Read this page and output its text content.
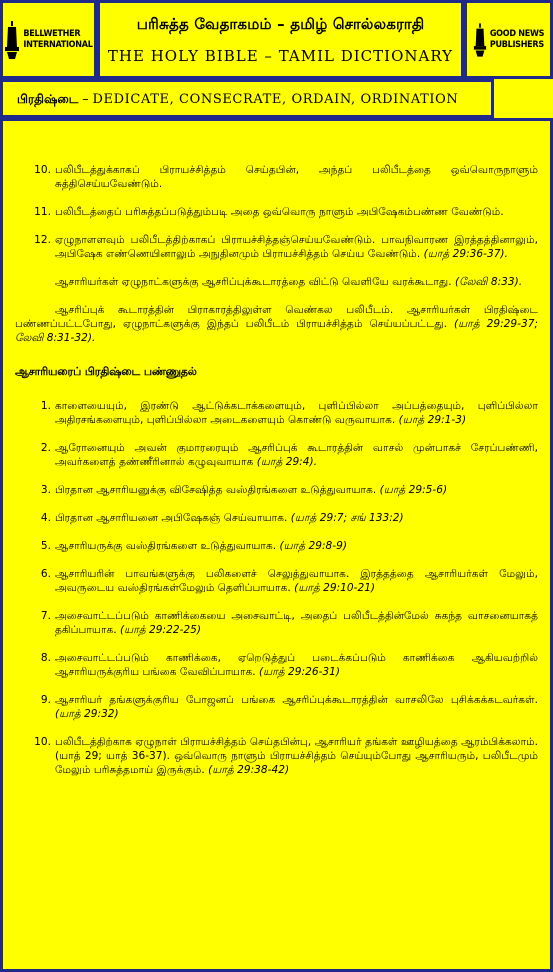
BELLWETHER
INTERNATIONAL
பரிசுத்த வேதாகமம் – தமிழ் சொல்லகராதி
THE HOLY BIBLE – TAMIL DICTIONARY
GOOD NEWS
PUBLISHERS
பிரதிஷ்டை – DEDICATE, CONSECRATE, ORDAIN, ORDINATION
10. பலிபீடத்துக்காகப் பிராயச்சித்தம் செய்தபின், அந்தப் பலிபீடத்தை ஒவ்வொருநாளும் சுத்திசெய்யவேண்டும்.
11. பலிபீடத்தைப் பரிசுத்தப்படுத்தும்படி அதை ஒவ்வொரு நாளும் அபிஷேகம்பண்ண வேண்டும்.
12. ஏழுநாளளவும் பலிபீடத்திற்காகப் பிராயச்சித்தஞ்செய்யவேண்டும். பாவநிவாரண இரத்தத்தினாலும், அபிஷேக எண்ணெயினாலும் அநுதினமும் பிராயச்சித்தம் செய்ய வேண்டும். (யாத் 29:36-37).

ஆசாரியர்கள் ஏழுநாட்களுக்கு ஆசரிப்புக்கூடாரத்தை விட்டு வெளியே வரக்கூடாது. (லேவி 8:33).

ஆசரிப்புக் கூடாரத்தின் பிராகாரத்திலுள்ள வெண்கல பலிபீடம். ஆசாரியர்கள் பிரதிஷ்டை பண்ணப்பட்டபோது, ஏழுநாட்களுக்கு இந்தப் பலிபீடம் பிராயச்சித்தம் செய்யப்பட்டது. (யாத் 29:29-37; லேவி 8:31-32).

ஆசாரியரைப் பிரதிஷ்டை பண்ணுதல்
1. காளையையும், இரண்டு ஆட்டுக்கடாக்களையும், புளிப்பில்லா அப்பத்தையும், புளிப்பில்லா அதிரசங்களையும், புளிப்பில்லா அடைகளையும் கொண்டு வருவாயாக. (யாத் 29:1-3)
2. ஆரோனையும் அவன் குமாரரையும் ஆசரிப்புக் கூடாரத்தின் வாசல் முன்பாகச் சேரப்பண்ணி, அவர்களைத் தண்ணீரினால் கழுவுவாயாக (யாத் 29:4).
3. பிரதான ஆசாரியனுக்கு விசேஷித்த வஸ்திரங்களை உடுத்துவாயாக. (யாத் 29:5-6)
4. பிரதான ஆசாரியனை அபிஷேகஞ் செய்வாயாக. (யாத் 29:7; சங் 133:2)
5. ஆசாரியருக்கு வஸ்திரங்களை உடுத்துவாயாக. (யாத் 29:8-9)
6. ஆசாரியரின் பாவங்களுக்கு பலிகளைச் செலுத்துவாயாக. இரத்தத்தை ஆசாரியர்கள் மேலும், அவருடைய வஸ்திரங்கள்மேலும் தெளிப்பாயாக. (யாத் 29:10-21)
7. அசைவாட்டப்படும் காணிக்கையை அசைவாட்டி, அதைப் பலிபீடத்தின்மேல் சுகந்த வாசனையாகத் தகிப்பாயாக. (யாத் 29:22-25)
8. அசைவாட்டப்படும் காணிக்கை, ஏறெடுத்துப் படைக்கப்படும் காணிக்கை ஆகியவற்றில் ஆசாரியருக்குரிய பங்கை வேவிப்பாயாக. (யாத் 29:26-31)
9. ஆசாரியர் தங்களுக்குரிய போஜனப் பங்கை ஆசரிப்புக்கூடாரத்தின் வாசலிலே புசிக்கக்கடவர்கள். (யாத் 29:32)
10. பலிபீடத்திற்காக ஏழுநாள் பிராயச்சித்தம் செய்தபின்பு, ஆசாரியர் தங்கள் ஊழியத்தை ஆரம்பிக்கலாம். (யாத் 29; யாத் 36-37). ஒவ்வொரு நாளும் பிராயச்சித்தம் செய்யும்போது ஆசாரியரும், பலிபீடமும் மேலும் பரிசுத்தமாய் இருக்கும். (யாத் 29:38-42)
